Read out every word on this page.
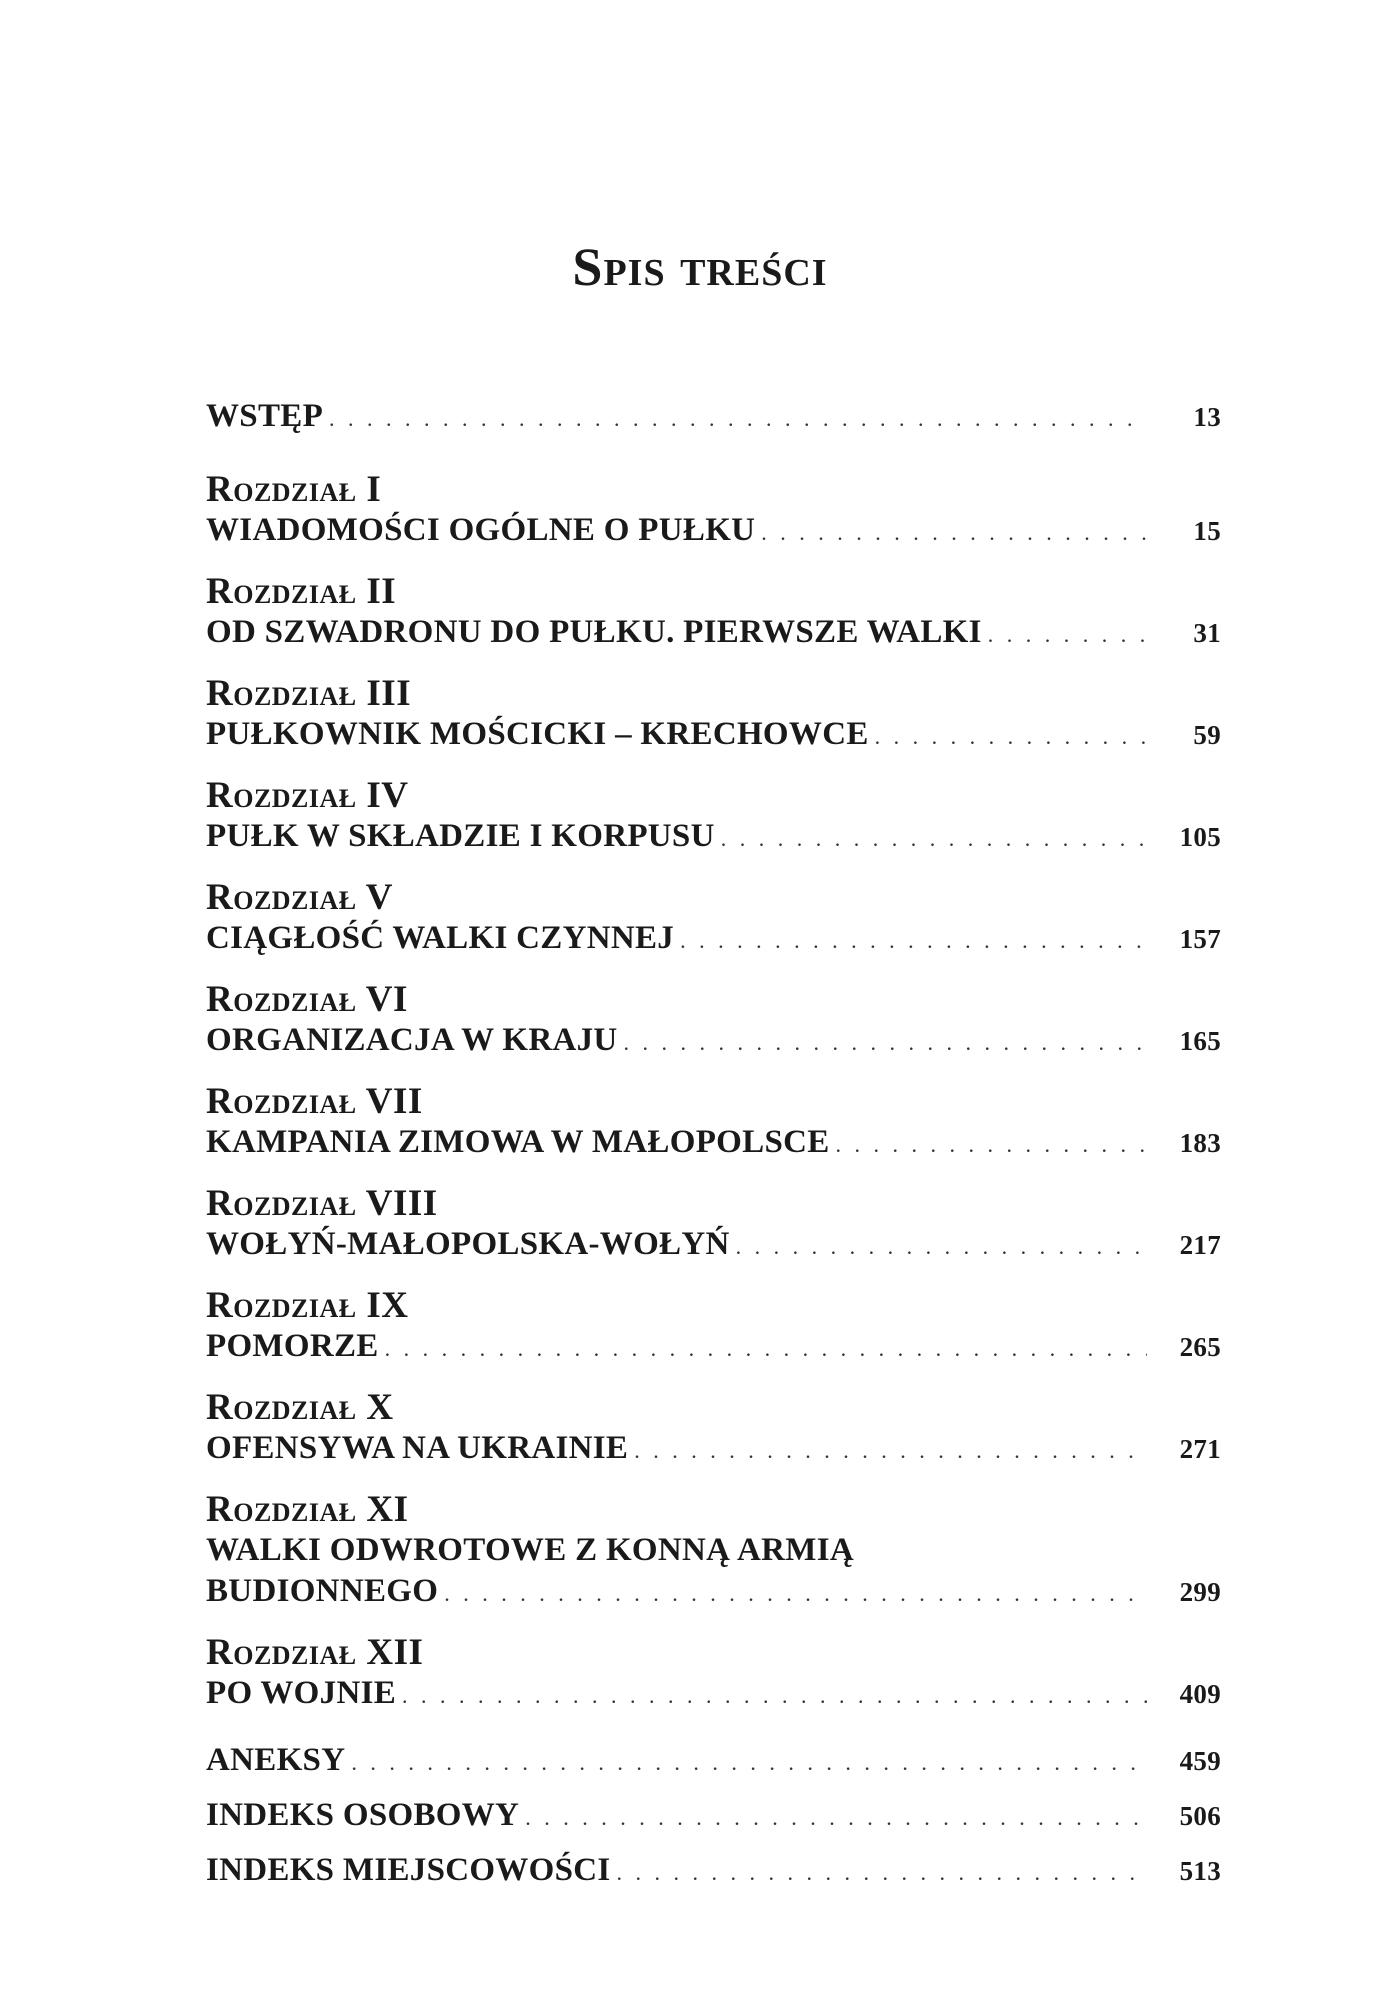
Spis treści
WSTĘP . . .	13
Rozdział I
WIADOMOŚCI OGÓLNE O PUŁKU . . .	15
Rozdział II
OD SZWADRONU DO PUŁKU. PIERWSZE WALKI . . .	31
Rozdział III
PUŁKOWNIK MOŚCICKI – KRECHOWCE . . .	59
Rozdział IV
PUŁK W SKŁADZIE I KORPUSU . . .	105
Rozdział V
CIĄGŁOŚĆ WALKI CZYNNEJ . . .	157
Rozdział VI
ORGANIZACJA W KRAJU . . .	165
Rozdział VII
KAMPANIA ZIMOWA W MAŁOPOLSCE . . .	183
Rozdział VIII
WOŁYŃ-MAŁOPOLSKA-WOŁYŃ . . .	217
Rozdział IX
POMORZE . . .	265
Rozdział X
OFENSYWA NA UKRAINIE . . .	271
Rozdział XI
WALKI ODWROTOWE Z KONNĄ ARMIĄ
BUDIONNEGO . . .	299
Rozdział XII
PO WOJNIE . . .	409
ANEKSY . . .	459
INDEKS OSOBOWY . . .	506
INDEKS MIEJSCOWOŚCI . . .	513
